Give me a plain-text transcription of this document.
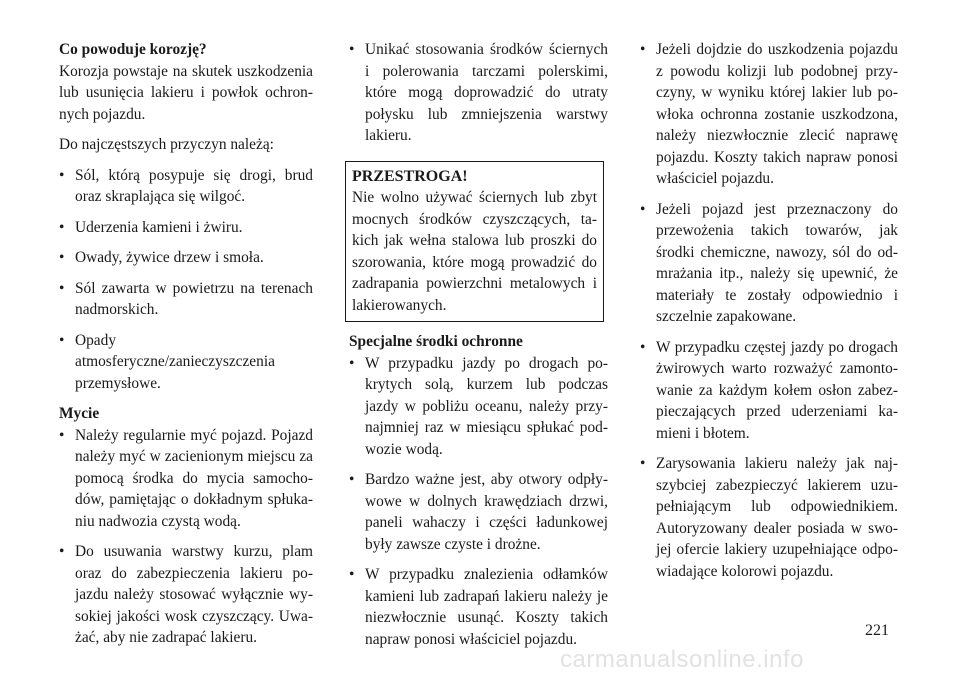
Co powoduje korozję?

Korozja powstaje na skutek uszkodzenia lub usunięcia lakieru i powłok ochron-nych pojazdu.

Do najczęstszych przyczyn należą:

• Sól, którą posypuje się drogi, brud oraz skraplająca się wilgoć.
• Uderzenia kamieni i żwiru.
• Owady, żywice drzew i smoła.
• Sól zawarta w powietrzu na terenach nadmorskich.
• Opady atmosferyczne/zanieczyszczenia przemysłowe.

Mycie

• Należy regularnie myć pojazd. Pojazd należy myć w zacienionym miejscu za pomocą środka do mycia samocho-dów, pamiętając o dokładnym spłuka-niu nadwozia czystą wodą.
• Do usuwania warstwy kurzu, plam oraz do zabezpieczenia lakieru po-jazdu należy stosować wyłącznie wy-sokiej jakości wosk czyszczący. Uwa-żać, aby nie zadrapać lakieru.
• Unikać stosowania środków ściernych i polerowania tarczami polerskimi, które mogą doprowadzić do utraty połysku lub zmniejszenia warstwy lakieru.

PRZESTROGA!

Nie wolno używać ściernych lub zbyt mocnych środków czyszczących, ta-kich jak wełna stalowa lub proszki do szorowania, które mogą prowadzić do zadrapania powierzchni metalowych i lakierowanych.

Specjalne środki ochronne

• W przypadku jazdy po drogach po-krytych solą, kurzem lub podczas jazdy w pobliżu oceanu, należy przy-najmniej raz w miesiącu spłukać pod-wozie wodą.
• Bardzo ważne jest, aby otwory odpły-wowe w dolnych krawędziach drzwi, paneli wahaczy i części ładunkowej były zawsze czyste i drożne.
• W przypadku znalezienia odłamków kamieni lub zadrapań lakieru należy je niezwłocznie usunąć. Koszty takich napraw ponosi właściciel pojazdu.
• Jeżeli dojdzie do uszkodzenia pojazdu z powodu kolizji lub podobnej przy-czyny, w wyniku której lakier lub po-włoka ochronna zostanie uszkodzona, należy niezwłocznie zlecić naprawę pojazdu. Koszty takich napraw ponosi właściciel pojazdu.
• Jeżeli pojazd jest przeznaczony do przewożenia takich towarów, jak środki chemiczne, nawozy, sól do od-mrażania itp., należy się upewnić, że materiały te zostały odpowiednio i szczelnie zapakowane.
• W przypadku częstej jazdy po drogach żwirowych warto rozważyć zamonto-wanie za każdym kołem osłon zabez-pieczających przed uderzeniami ka-mieni i błotem.
• Zarysowania lakieru należy jak naj-szybciej zabezpieczyć lakierem uzu-pełniającym lub odpowiednikiem. Autoryzowany dealer posiada w swo-jej ofercie lakiery uzupełniające odpo-wiadające kolorowi pojazdu.
221
carmanualsonline.info
